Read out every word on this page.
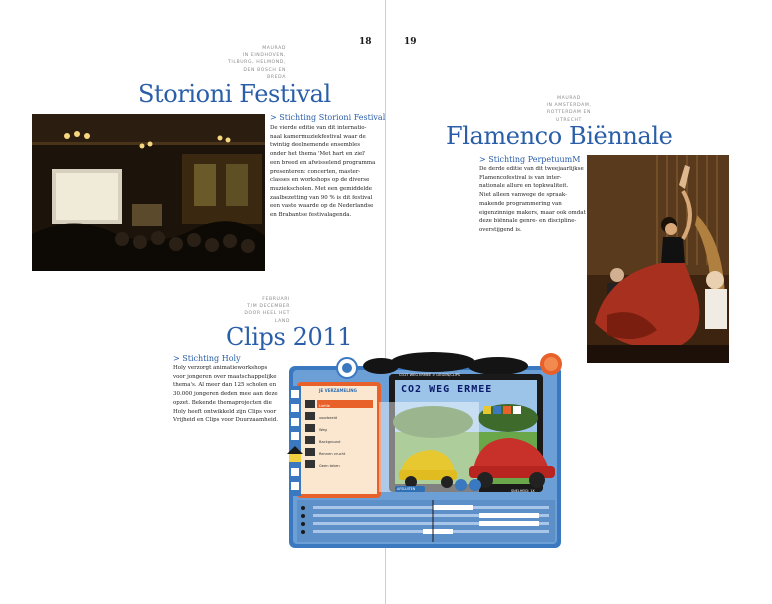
18	19
MAURAD
IN EINDHOVEN,
TILBURG, HELMOND,
DEN BOSCH EN
BREDA
Storioni Festival
> Stichting Storioni Festival
De vierde editie van dit internatio-
naal kamermuziekfestival waar de
twintig deelnemende ensembles
onder het thema 'Met hart en ziel'
een breed en afwisselend programma
presenteren: concerten, master-
classes en workshops op de diverse
muziekscholen. Met een gemiddelde
zaalbezetting van 90 % is dit festival
een vaste waarde op de Nederlandse
en Brabantse festivalagenda.
MAURAD
IN AMSTERDAM,
ROTTERDAM EN
UTRECHT
Flamenco Biënnale
> Stichting PerpetuumM
De derde editie van dit tweejaarlijkse
Flamencofestival is van inter-
nationale allure en topkwaliteit.
Niet alleen vanwege de spraak-
makende programmering van
eigenzinnige makers, maar ook omdat
deze biënnale genre- en discipline-
overstijgend is.
FEBRUARI
T/M DECEMBER
DOOR HEEL HET
LAND
Clips 2011
> Stichting Holy
Holy verzorgt animatieworkshops
voor jongeren over maatschappelijke
thema's. Al meer dan 125 scholen en
30.000 jongeren deden mee aan deze
opzet. Bekende themaprojecten die
Holy heeft ontwikkeld zijn Clips voor
Vrijheid en Clips voor Duurzaamheid.
CO2T WEG ERMEE > LIEGEN/CLIPS
JE VERZAMELING
Liefde
voorbeeld
Weg
Background
Rennen vrucht
Geen teken
CO2 WEG ERMEE
AFSLUITEN	SNELHEID: 1X
